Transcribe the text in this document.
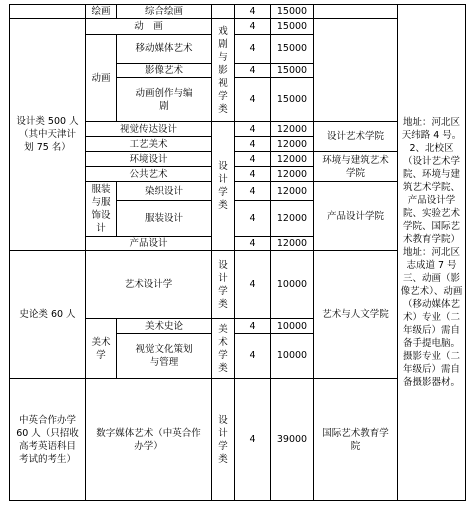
	绘画	综合绘画		4	15000		地址：河北区天纬路 4 号。2、北校区（设计艺术学院、环境与建筑艺术学院、产品设计学院、实验艺术学院、国际艺术教育学院）地址：河北区志成道 7 号三、动画（影像艺术）、动画（移动媒体艺术）专业（二年级后）需自备手提电脑。摄影专业（二年级后）需自备摄影器材。
设计类 500 人（其中天津计划 75 名）	动　画		戏剧与影视学类	4	15000		
	动画	移动媒体艺术		4	15000		
		影像艺术		4	15000		
		动画创作与编剧		4	15000		
	视觉传达设计		设计学类	4	12000	设计艺术学院	
	工艺美术			4	12000		
	环境设计			4	12000	环境与建筑艺术学院	
	公共艺术			4	12000		
	服装与服饰设计	染织设计		4	12000	产品设计学院	
		服装设计		4	12000		
	产品设计			4	12000		
史论类 60 人	艺术设计学		设计学类	4	10000	艺术与人文学院	
	美术学	美术史论	美术学类	4	10000		
		视觉文化策划与管理		4	10000		
中英合作办学 60 人（只招收高考英语科目考试的考生）	数字媒体艺术（中英合作办学）		设计学类	4	39000	国际艺术教育学院	
